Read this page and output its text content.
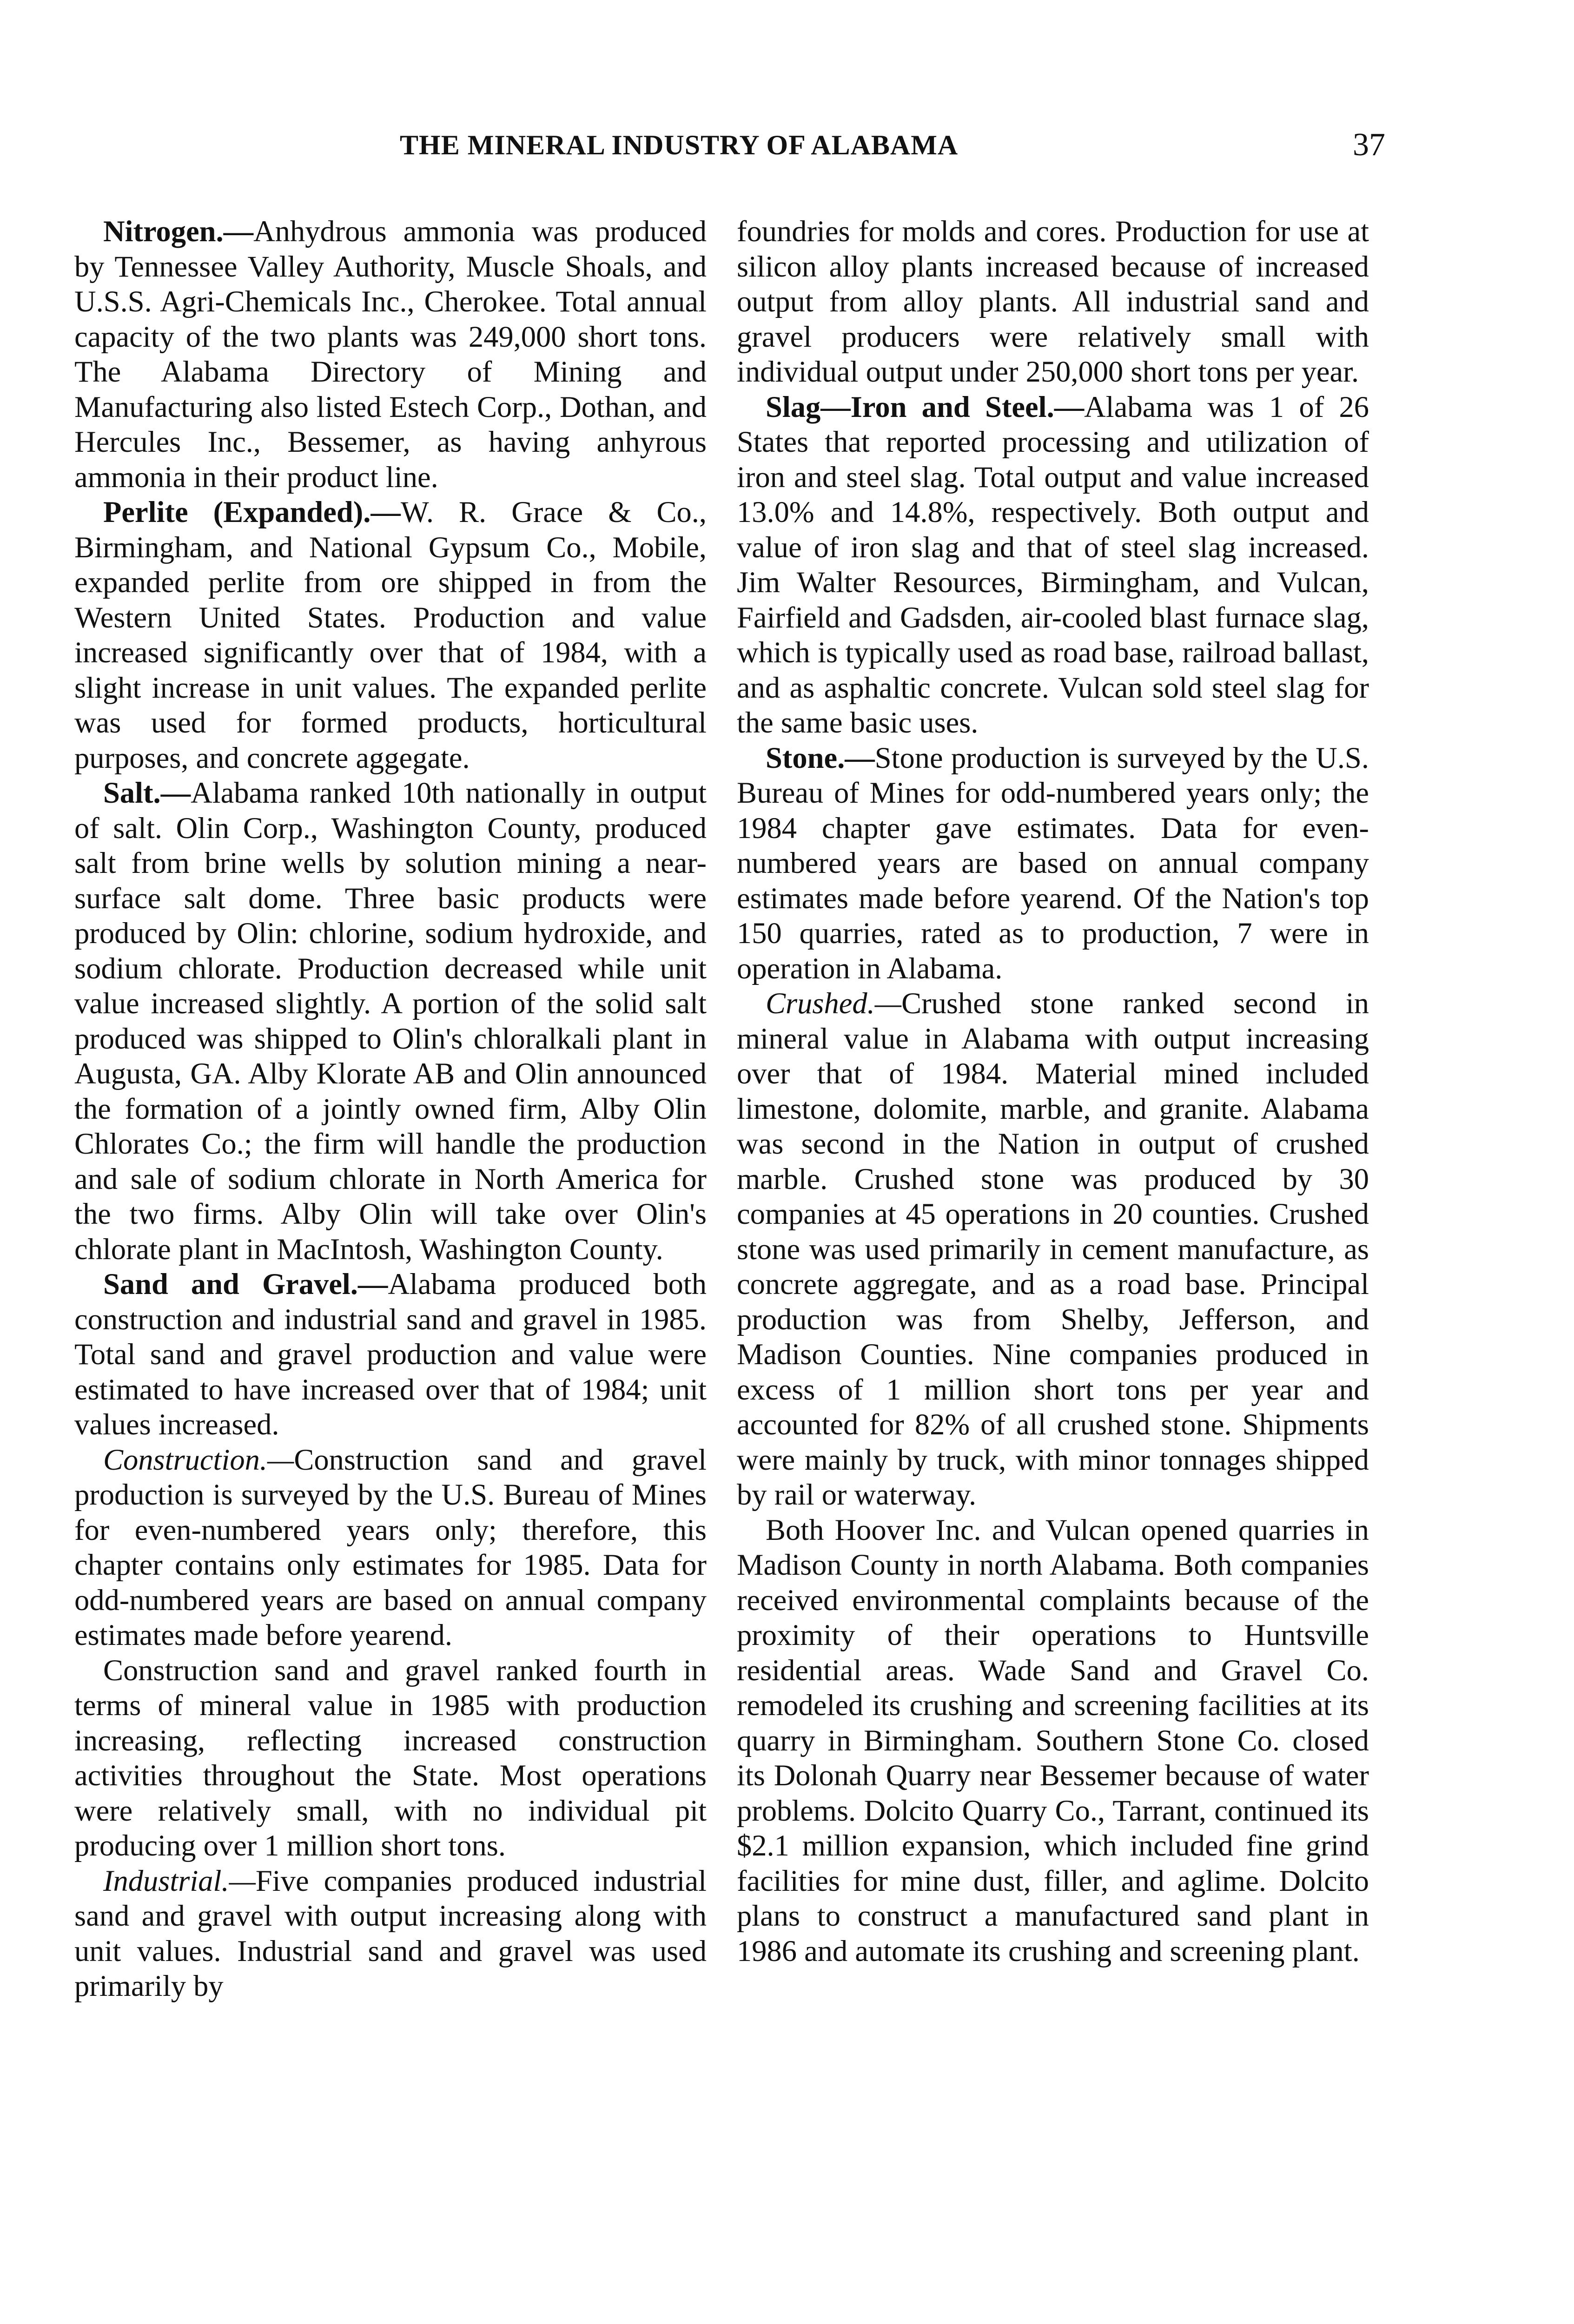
THE MINERAL INDUSTRY OF ALABAMA	37

Nitrogen.—Anhydrous ammonia was produced by Tennessee Valley Authority, Muscle Shoals, and U.S.S. Agri-Chemicals Inc., Cherokee. Total annual capacity of the two plants was 249,000 short tons. The Alabama Directory of Mining and Manufacturing also listed Estech Corp., Dothan, and Hercules Inc., Bessemer, as having anhyrous ammonia in their product line.

Perlite (Expanded).—W. R. Grace & Co., Birmingham, and National Gypsum Co., Mobile, expanded perlite from ore shipped in from the Western United States. Production and value increased significantly over that of 1984, with a slight increase in unit values. The expanded perlite was used for formed products, horticultural purposes, and concrete aggegate.

Salt.—Alabama ranked 10th nationally in output of salt. Olin Corp., Washington County, produced salt from brine wells by solution mining a near-surface salt dome. Three basic products were produced by Olin: chlorine, sodium hydroxide, and sodium chlorate. Production decreased while unit value increased slightly. A portion of the solid salt produced was shipped to Olin's chloralkali plant in Augusta, GA. Alby Klorate AB and Olin announced the formation of a jointly owned firm, Alby Olin Chlorates Co.; the firm will handle the production and sale of sodium chlorate in North America for the two firms. Alby Olin will take over Olin's chlorate plant in MacIntosh, Washington County.

Sand and Gravel.—Alabama produced both construction and industrial sand and gravel in 1985. Total sand and gravel production and value were estimated to have increased over that of 1984; unit values increased.

Construction.—Construction sand and gravel production is surveyed by the U.S. Bureau of Mines for even-numbered years only; therefore, this chapter contains only estimates for 1985. Data for odd-numbered years are based on annual company estimates made before yearend.

Construction sand and gravel ranked fourth in terms of mineral value in 1985 with production increasing, reflecting increased construction activities throughout the State. Most operations were relatively small, with no individual pit producing over 1 million short tons.

Industrial.—Five companies produced industrial sand and gravel with output increasing along with unit values. Industrial sand and gravel was used primarily by

foundries for molds and cores. Production for use at silicon alloy plants increased because of increased output from alloy plants. All industrial sand and gravel producers were relatively small with individual output under 250,000 short tons per year.

Slag—Iron and Steel.—Alabama was 1 of 26 States that reported processing and utilization of iron and steel slag. Total output and value increased 13.0% and 14.8%, respectively. Both output and value of iron slag and that of steel slag increased. Jim Walter Resources, Birmingham, and Vulcan, Fairfield and Gadsden, air-cooled blast furnace slag, which is typically used as road base, railroad ballast, and as asphaltic concrete. Vulcan sold steel slag for the same basic uses.

Stone.—Stone production is surveyed by the U.S. Bureau of Mines for odd-numbered years only; the 1984 chapter gave estimates. Data for even-numbered years are based on annual company estimates made before yearend. Of the Nation's top 150 quarries, rated as to production, 7 were in operation in Alabama.

Crushed.—Crushed stone ranked second in mineral value in Alabama with output increasing over that of 1984. Material mined included limestone, dolomite, marble, and granite. Alabama was second in the Nation in output of crushed marble. Crushed stone was produced by 30 companies at 45 operations in 20 counties. Crushed stone was used primarily in cement manufacture, as concrete aggregate, and as a road base. Principal production was from Shelby, Jefferson, and Madison Counties. Nine companies produced in excess of 1 million short tons per year and accounted for 82% of all crushed stone. Shipments were mainly by truck, with minor tonnages shipped by rail or waterway.

Both Hoover Inc. and Vulcan opened quarries in Madison County in north Alabama. Both companies received environmental complaints because of the proximity of their operations to Huntsville residential areas. Wade Sand and Gravel Co. remodeled its crushing and screening facilities at its quarry in Birmingham. Southern Stone Co. closed its Dolonah Quarry near Bessemer because of water problems. Dolcito Quarry Co., Tarrant, continued its $2.1 million expansion, which included fine grind facilities for mine dust, filler, and aglime. Dolcito plans to construct a manufactured sand plant in 1986 and automate its crushing and screening plant.
